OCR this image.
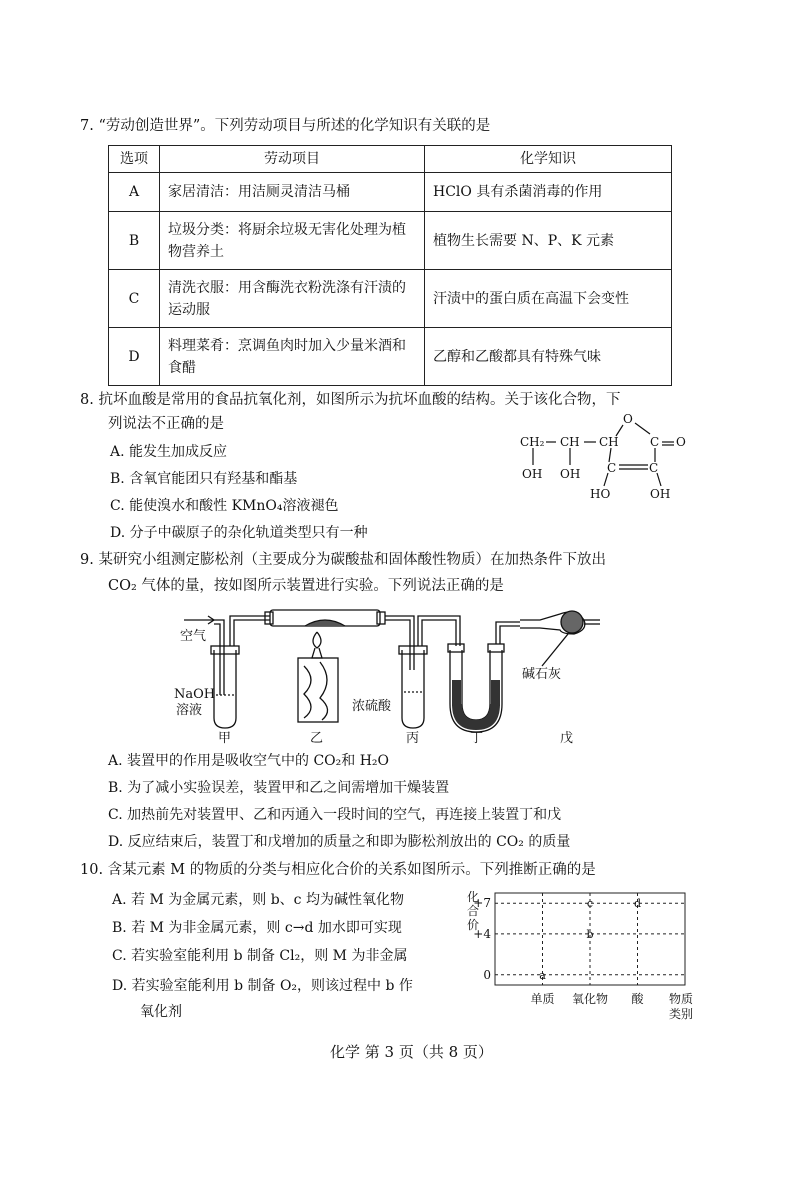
7. “劳动创造世界”。下列劳动项目与所述的化学知识有关联的是
选项	劳动项目	化学知识
A	家居清洁：用洁厕灵清洁马桶	HClO 具有杀菌消毒的作用
B	垃圾分类：将厨余垃圾无害化处理为植物营养土	植物生长需要 N、P、K 元素
C	清洗衣服：用含酶洗衣粉洗涤有汗渍的运动服	汗渍中的蛋白质在高温下会变性
D	料理菜肴：烹调鱼肉时加入少量米酒和食醋	乙醇和乙酸都具有特殊气味
8. 抗坏血酸是常用的食品抗氧化剂，如图所示为抗坏血酸的结构。关于该化合物，下
列说法不正确的是
A. 能发生加成反应
B. 含氧官能团只有羟基和酯基
C. 能使溴水和酸性 KMnO₄溶液褪色
D. 分子中碳原子的杂化轨道类型只有一种
CH₂ CH CH
O
C O
C	C
OH OH
HO	OH
9. 某研究小组测定膨松剂（主要成分为碳酸盐和固体酸性物质）在加热条件下放出
CO₂ 气体的量，按如图所示装置进行实验。下列说法正确的是
空气
NaOH
溶液	浓硫酸
碱石灰
甲	乙	丙	丁	戊
A. 装置甲的作用是吸收空气中的 CO₂和 H₂O
B. 为了减小实验误差，装置甲和乙之间需增加干燥装置
C. 加热前先对装置甲、乙和丙通入一段时间的空气，再连接上装置丁和戊
D. 反应结束后，装置丁和戊增加的质量之和即为膨松剂放出的 CO₂ 的质量
10. 含某元素 M 的物质的分类与相应化合价的关系如图所示。下列推断正确的是
A. 若 M 为金属元素，则 b、c 均为碱性氧化物
B. 若 M 为非金属元素，则 c→d 加水即可实现
C. 若实验室能利用 b 制备 Cl₂，则 M 为非金属
D. 若实验室能利用 b 制备 O₂，则该过程中 b 作
氧化剂
化
合
价
+7
+4
0
单质 氧化物 酸
a
b
c	d
物质
类别
化学 第 3 页（共 8 页）
